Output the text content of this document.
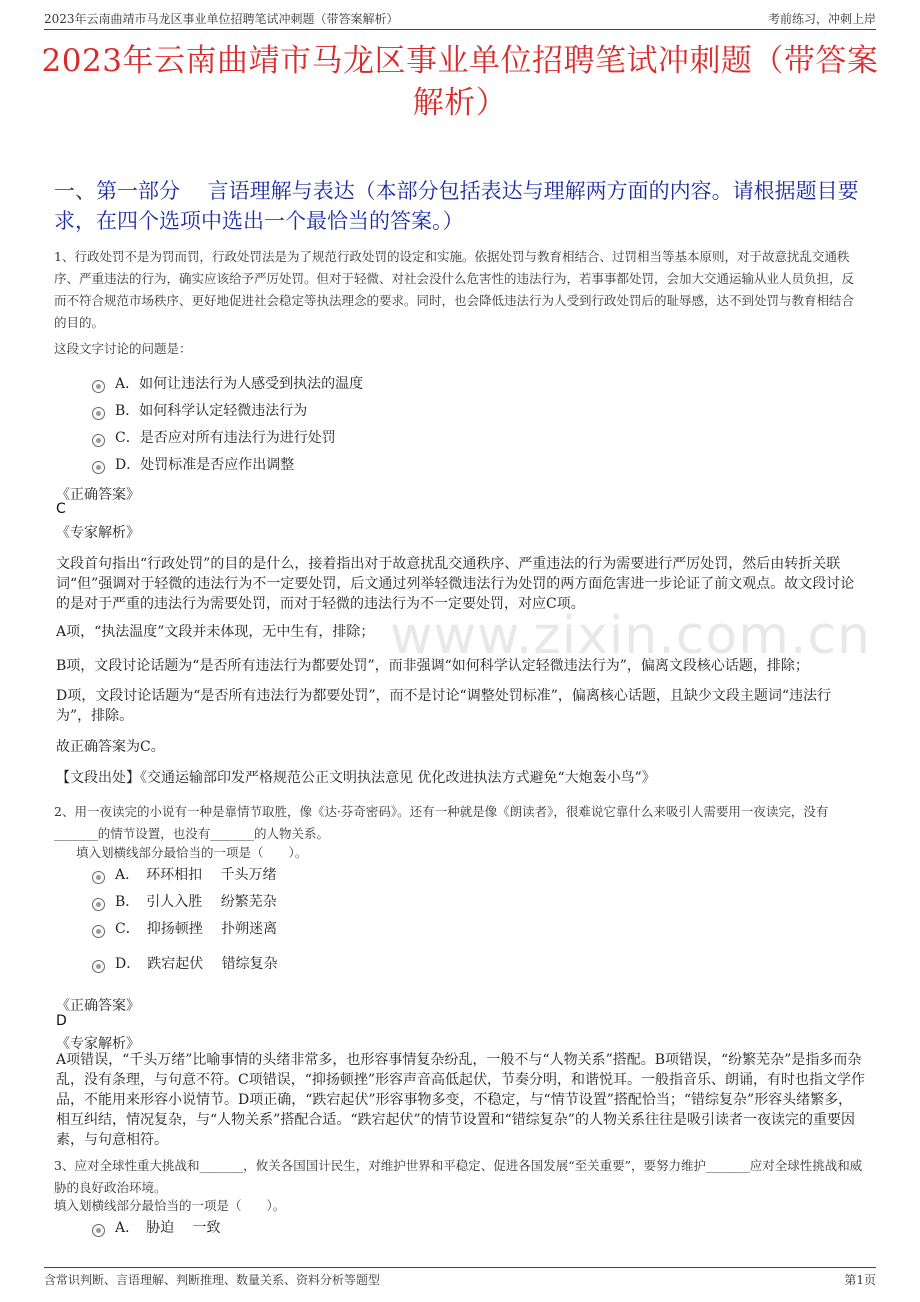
2023年云南曲靖市马龙区事业单位招聘笔试冲刺题（带答案解析）	考前练习，冲刺上岸
2023年云南曲靖市马龙区事业单位招聘笔试冲刺题（带答案解析）
一、第一部分　 言语理解与表达（本部分包括表达与理解两方面的内容。请根据题目要求，在四个选项中选出一个最恰当的答案。）
www.zixin.com.cn
1、行政处罚不是为罚而罚，行政处罚法是为了规范行政处罚的设定和实施。依据处罚与教育相结合、过罚相当等基本原则，对于故意扰乱交通秩序、严重违法的行为，确实应该给予严厉处罚。但对于轻微、对社会没什么危害性的违法行为，若事事都处罚，会加大交通运输从业人员负担，反而不符合规范市场秩序、更好地促进社会稳定等执法理念的要求。同时，也会降低违法行为人受到行政处罚后的耻辱感，达不到处罚与教育相结合的目的。
这段文字讨论的问题是：
A．如何让违法行为人感受到执法的温度
B．如何科学认定轻微违法行为
C．是否应对所有违法行为进行处罚
D．处罚标准是否应作出调整
《正确答案》
C
《专家解析》
文段首句指出“行政处罚”的目的是什么，接着指出对于故意扰乱交通秩序、严重违法的行为需要进行严厉处罚，然后由转折关联词“但”强调对于轻微的违法行为不一定要处罚，后文通过列举轻微违法行为处罚的两方面危害进一步论证了前文观点。故文段讨论的是对于严重的违法行为需要处罚，而对于轻微的违法行为不一定要处罚，对应C项。
A项，“执法温度”文段并未体现，无中生有，排除；
B项，文段讨论话题为“是否所有违法行为都要处罚”，而非强调“如何科学认定轻微违法行为”，偏离文段核心话题，排除；
D项，文段讨论话题为“是否所有违法行为都要处罚”，而不是讨论“调整处罚标准”，偏离核心话题，且缺少文段主题词“违法行为”，排除。
故正确答案为C。
【文段出处】《交通运输部印发严格规范公正文明执法意见 优化改进执法方式避免“大炮轰小鸟”》
2、用一夜读完的小说有一种是靠情节取胜，像《达·芬奇密码》。还有一种就是像《朗读者》，很难说它靠什么来吸引人需要用一夜读完，没有_______的情节设置，也没有_______的人物关系。
填入划横线部分最恰当的一项是（　　）。
A．　环环相扣　 千头万绪
B．　引人入胜　 纷繁芜杂
C．　抑扬顿挫　 扑朔迷离
D．　跌宕起伏　 错综复杂
《正确答案》
D
《专家解析》
A项错误，“千头万绪”比喻事情的头绪非常多，也形容事情复杂纷乱，一般不与“人物关系”搭配。B项错误，“纷繁芜杂”是指多而杂乱，没有条理，与句意不符。C项错误，“抑扬顿挫”形容声音高低起伏，节奏分明，和谐悦耳。一般指音乐、朗诵，有时也指文学作品，不能用来形容小说情节。D项正确，“跌宕起伏”形容事物多变，不稳定，与“情节设置”搭配恰当；“错综复杂”形容头绪繁多，相互纠结，情况复杂，与“人物关系”搭配合适。“跌宕起伏”的情节设置和“错综复杂”的人物关系往往是吸引读者一夜读完的重要因素，与句意相符。
3、应对全球性重大挑战和_______，攸关各国国计民生，对维护世界和平稳定、促进各国发展“至关重要”，要努力维护_______应对全球性挑战和威胁的良好政治环境。
填入划横线部分最恰当的一项是（　　）。
A．　胁迫　 一致
含常识判断、言语理解、判断推理、数量关系、资料分析等题型	第1页
